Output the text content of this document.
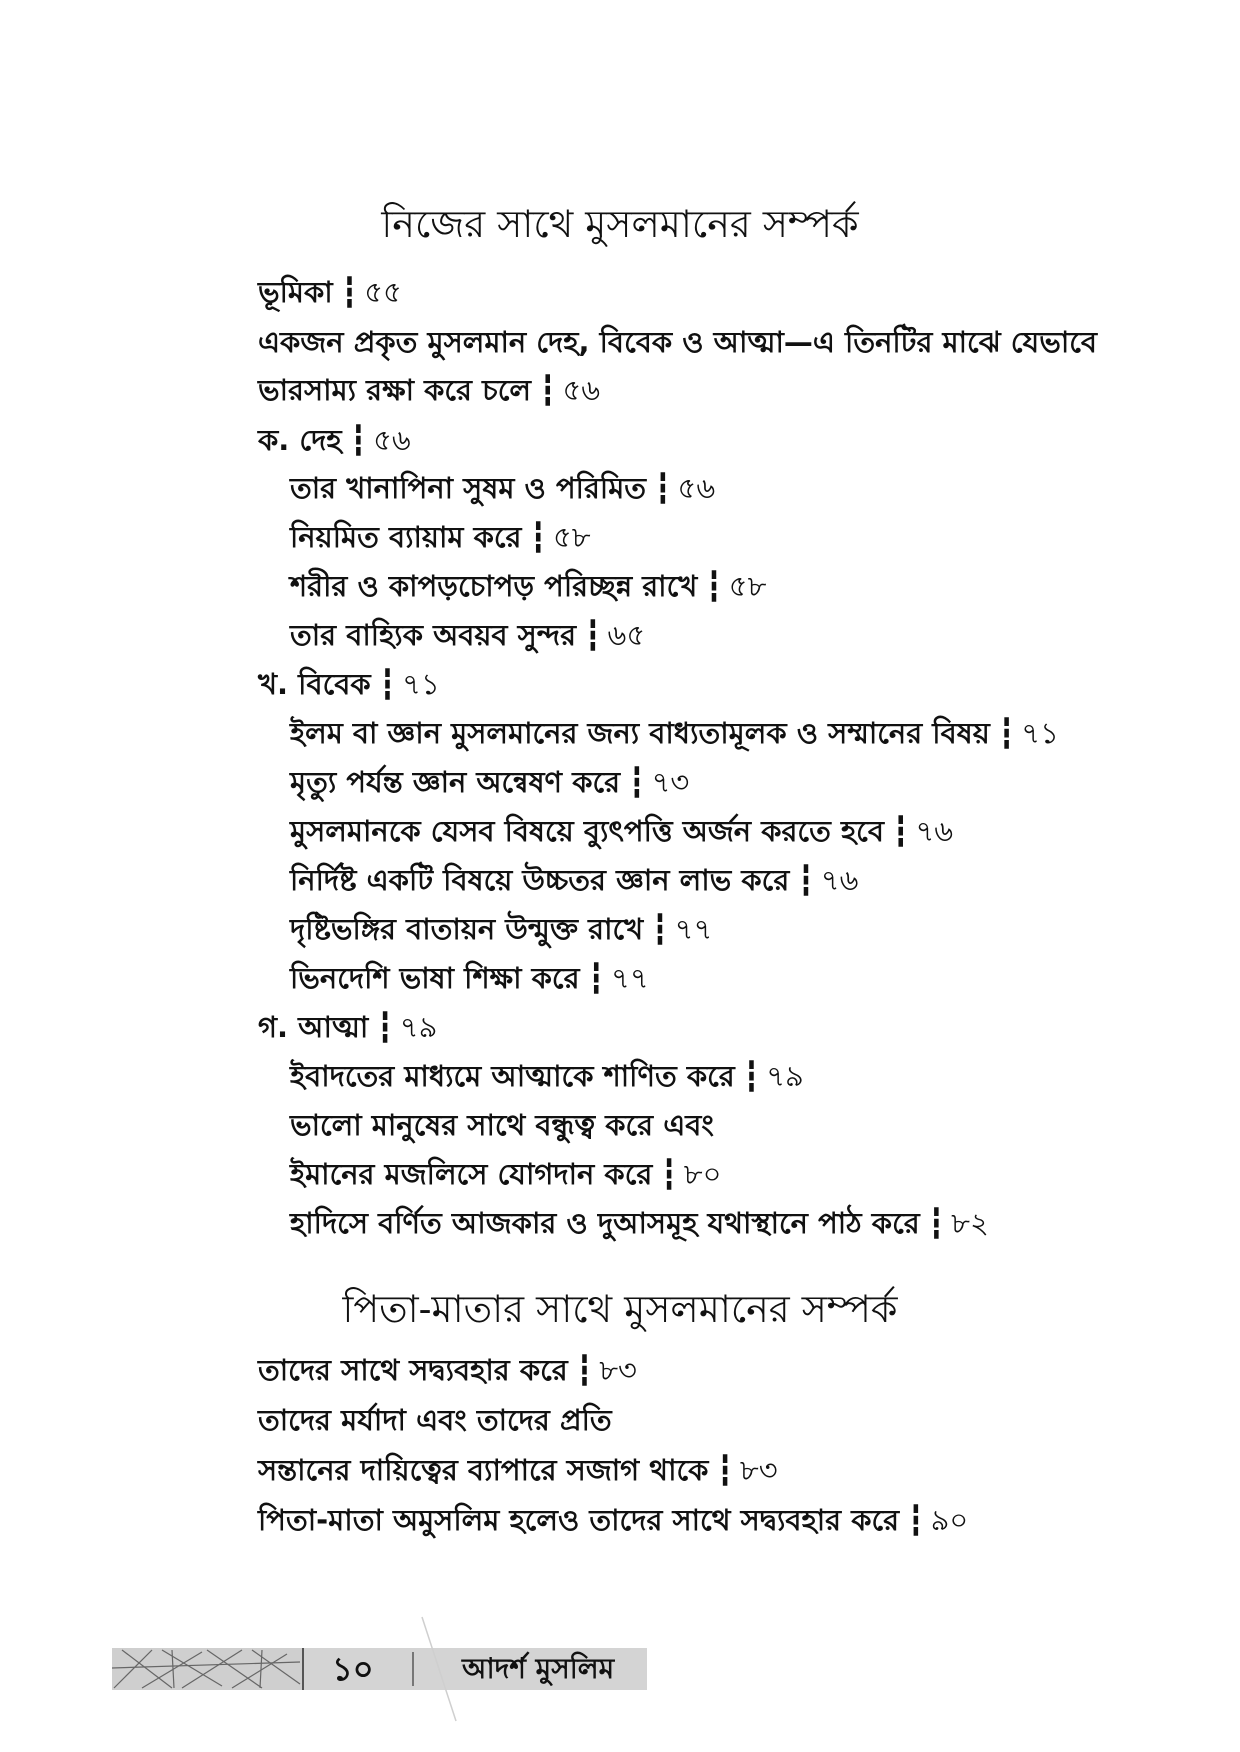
নিজের সাথে মুসলমানের সম্পর্ক
ভূমিকা ┇ ৫৫
একজন প্রকৃত মুসলমান দেহ, বিবেক ও আত্মা—এ তিনটির মাঝে যেভাবে
ভারসাম্য রক্ষা করে চলে ┇ ৫৬
ক. দেহ ┇ ৫৬
তার খানাপিনা সুষম ও পরিমিত ┇ ৫৬
নিয়মিত ব্যায়াম করে ┇ ৫৮
শরীর ও কাপড়চোপড় পরিচ্ছন্ন রাখে ┇ ৫৮
তার বাহ্যিক অবয়ব সুন্দর ┇ ৬৫
খ. বিবেক ┇ ৭১
ইলম বা জ্ঞান মুসলমানের জন্য বাধ্যতামূলক ও সম্মানের বিষয় ┇ ৭১
মৃত্যু পর্যন্ত জ্ঞান অন্বেষণ করে ┇ ৭৩
মুসলমানকে যেসব বিষয়ে ব্যুৎপত্তি অর্জন করতে হবে ┇ ৭৬
নির্দিষ্ট একটি বিষয়ে উচ্চতর জ্ঞান লাভ করে ┇ ৭৬
দৃষ্টিভঙ্গির বাতায়ন উন্মুক্ত রাখে ┇ ৭৭
ভিনদেশি ভাষা শিক্ষা করে ┇ ৭৭
গ. আত্মা ┇ ৭৯
ইবাদতের মাধ্যমে আত্মাকে শাণিত করে ┇ ৭৯
ভালো মানুষের সাথে বন্ধুত্ব করে এবং
ইমানের মজলিসে যোগদান করে ┇ ৮০
হাদিসে বর্ণিত আজকার ও দুআসমূহ যথাস্থানে পাঠ করে ┇ ৮২
পিতা-মাতার সাথে মুসলমানের সম্পর্ক
তাদের সাথে সদ্ব্যবহার করে ┇ ৮৩
তাদের মর্যাদা এবং তাদের প্রতি
সন্তানের দায়িত্বের ব্যাপারে সজাগ থাকে ┇ ৮৩
পিতা-মাতা অমুসলিম হলেও তাদের সাথে সদ্ব্যবহার করে ┇ ৯০
১০	আদর্শ মুসলিম
